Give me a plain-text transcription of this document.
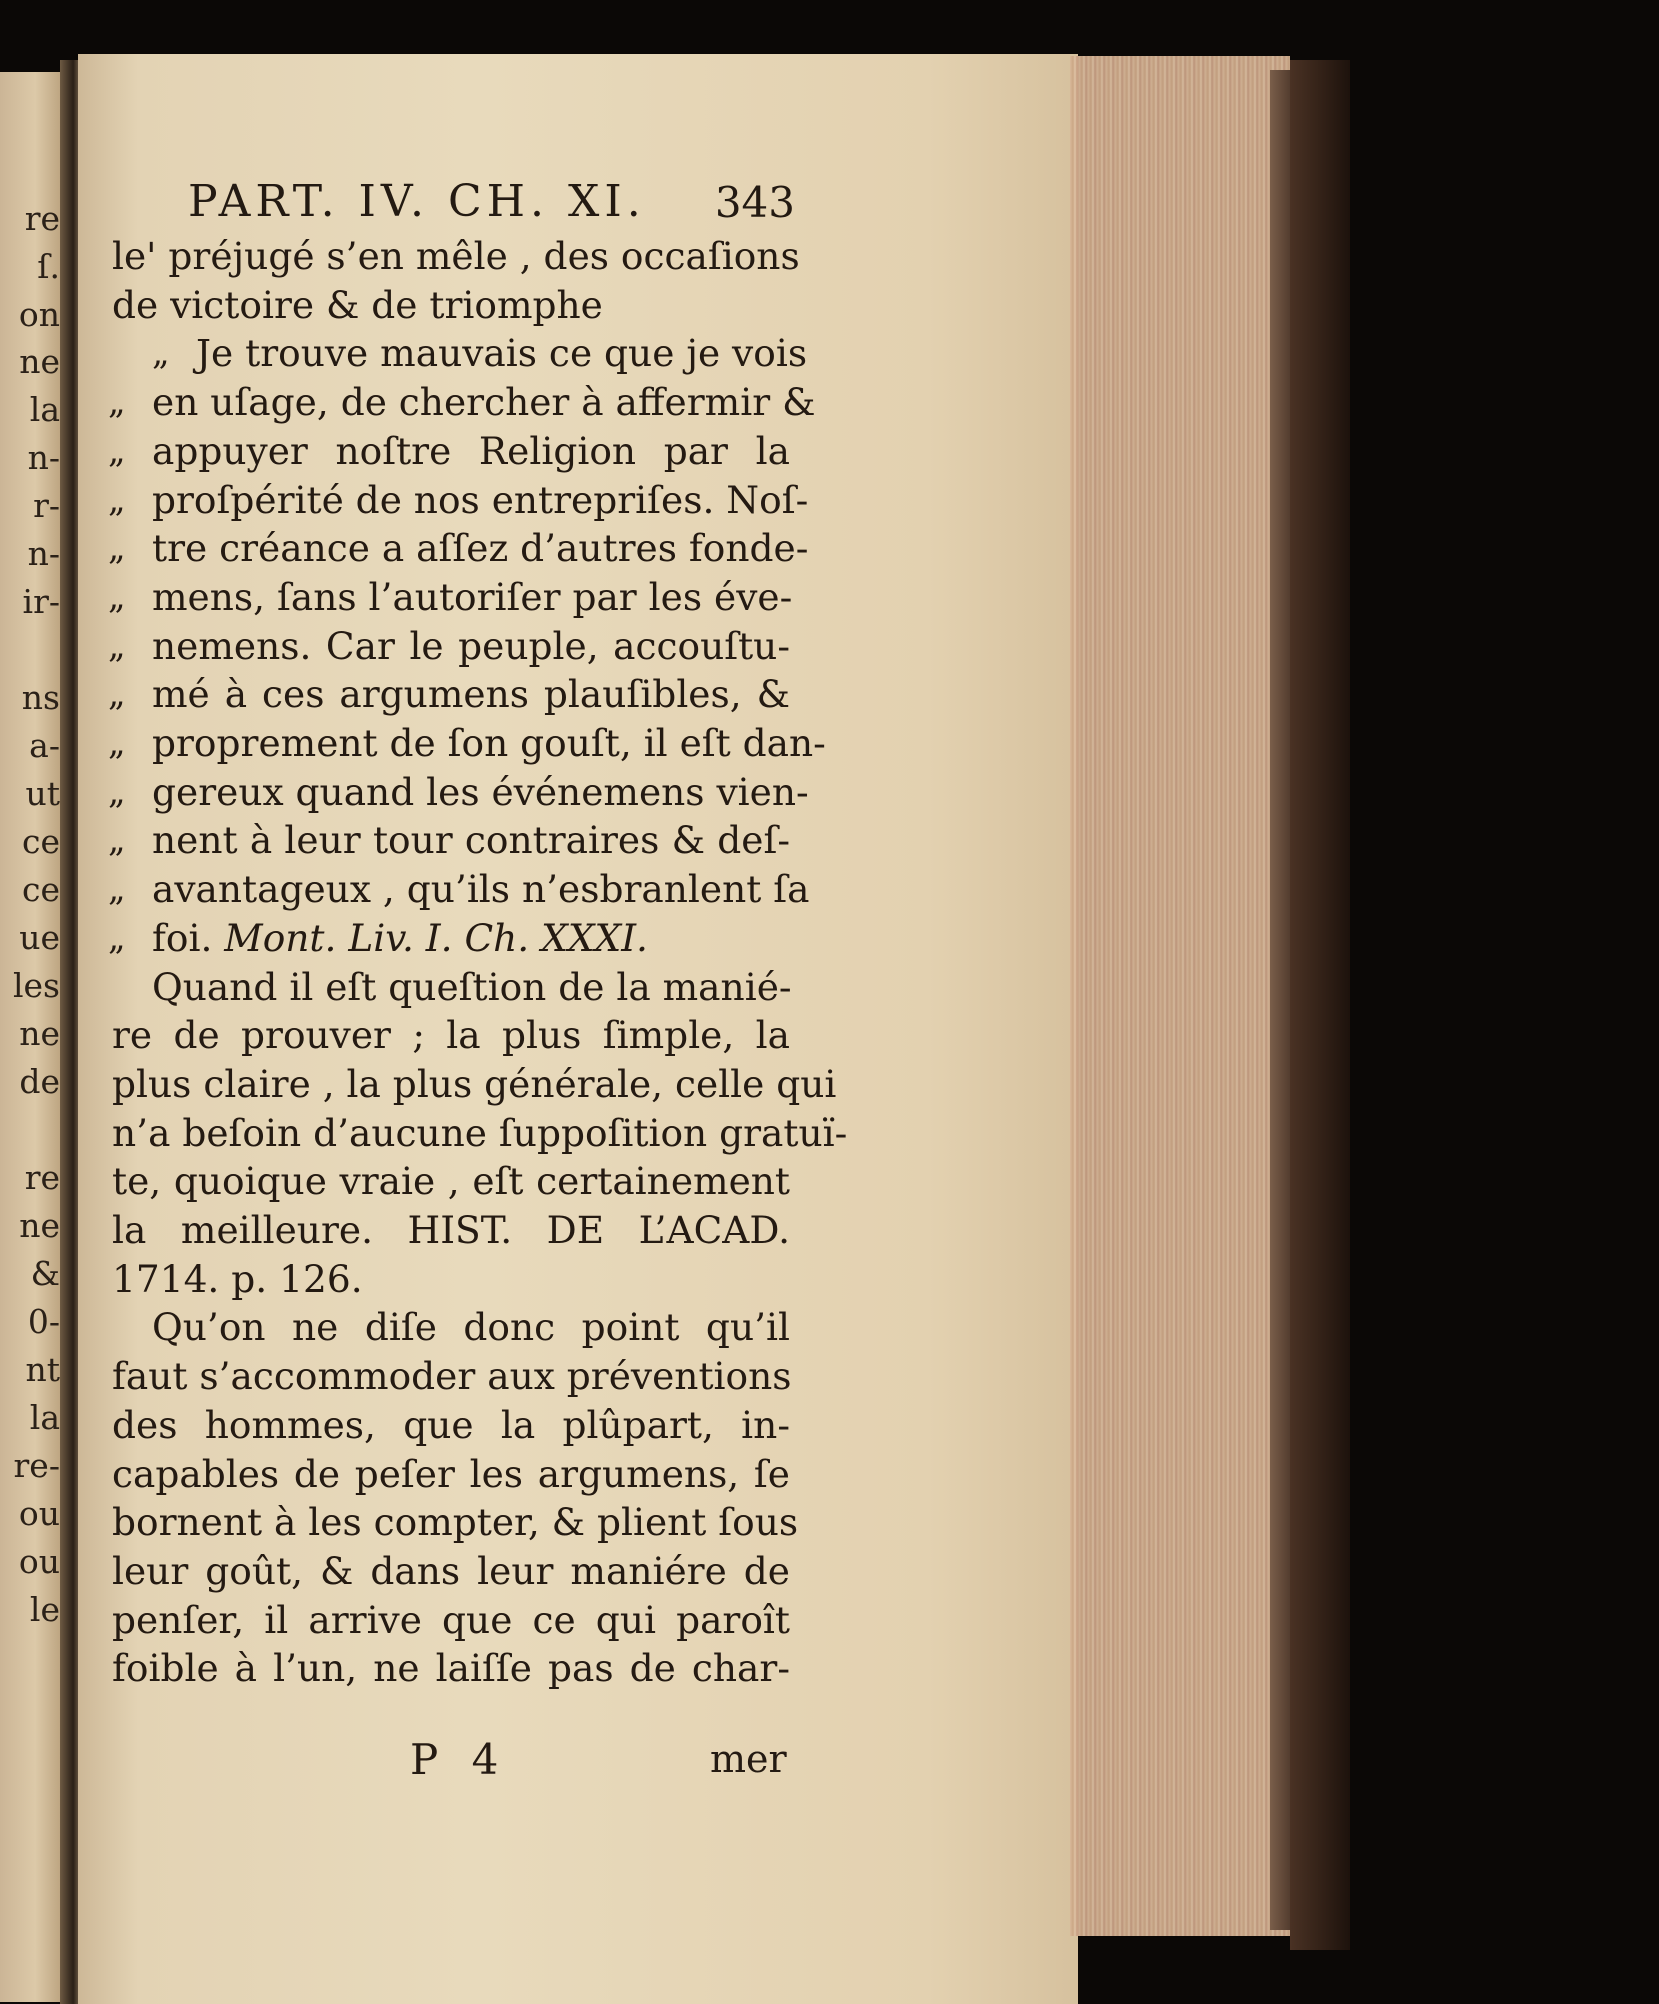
re
ſ.
on
ne
la
n-
r-
n-
ir-
ns
a-
ut
ce
ce
ue
les
ne
de
re
ne
&
0-
nt
la
re-
ou
ou
le
PART. IV. CH. XI. 343
P 4	mer
le' préjugé s’en mêle , des occaſions
de victoire & de triomphe
„ Je trouve mauvais ce que je vois
„ en uſage, de chercher à affermir &
„ appuyer noſtre Religion par la
„ proſpérité de nos entrepriſes. Noſ-
„ tre créance a aſſez d’autres fonde-
„ mens, ſans l’autoriſer par les éve-
„ nemens. Car le peuple, accouſtu-
„ mé à ces argumens plauſibles, &
„ proprement de ſon gouſt, il eſt dan-
„ gereux quand les événemens vien-
„ nent à leur tour contraires & deſ-
„ avantageux , qu’ils n’esbranlent ſa
„ foi. Mont. Liv. I. Ch. XXXI.
Quand il eſt queſtion de la manié-
re de prouver ; la plus ſimple, la
plus claire , la plus générale, celle qui
n’a beſoin d’aucune ſuppoſition gratuï-
te, quoique vraie , eſt certainement
la meilleure. HIST. DE L’ACAD.
1714. p. 126.
Qu’on ne diſe donc point qu’il
faut s’accommoder aux préventions
des hommes, que la plûpart, in-
capables de peſer les argumens, ſe
bornent à les compter, & plient ſous
leur goût, & dans leur maniére de
penſer, il arrive que ce qui paroît
foible à l’un, ne laiſſe pas de char-
